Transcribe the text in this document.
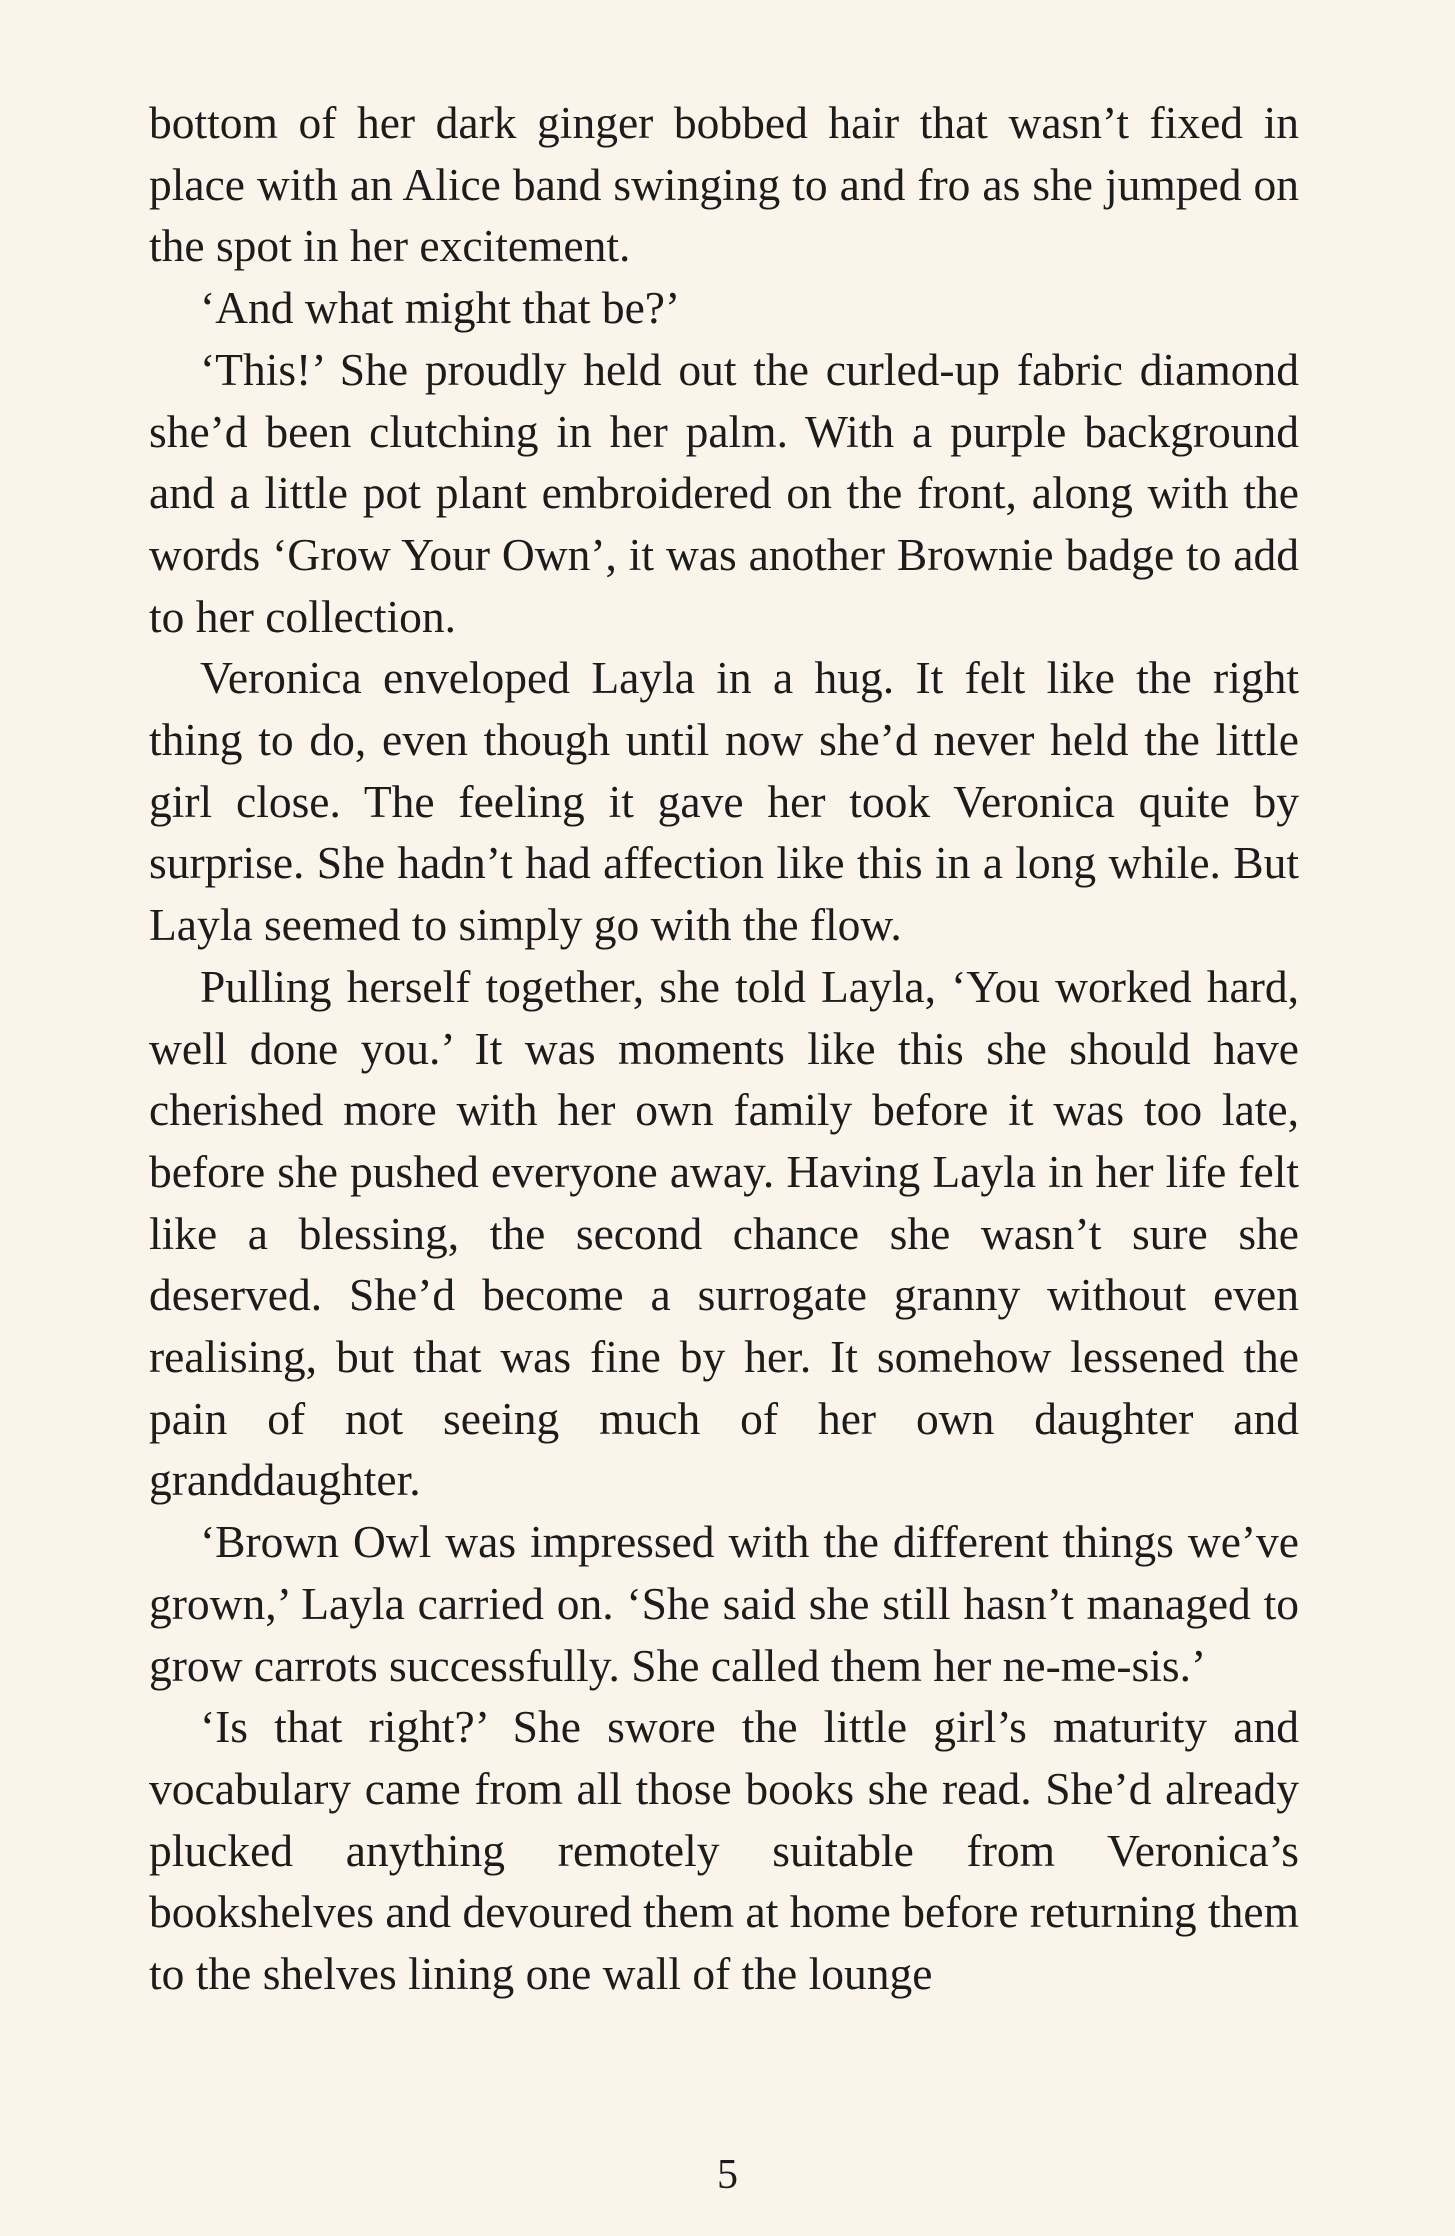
bottom of her dark ginger bobbed hair that wasn’t fixed in place with an Alice band swinging to and fro as she jumped on the spot in her excitement.

‘And what might that be?’

‘This!’ She proudly held out the curled-up fabric diamond she’d been clutching in her palm. With a purple background and a little pot plant embroidered on the front, along with the words ‘Grow Your Own’, it was another Brownie badge to add to her collection.

Veronica enveloped Layla in a hug. It felt like the right thing to do, even though until now she’d never held the little girl close. The feeling it gave her took Veronica quite by surprise. She hadn’t had affection like this in a long while. But Layla seemed to simply go with the flow.

Pulling herself together, she told Layla, ‘You worked hard, well done you.’ It was moments like this she should have cherished more with her own family before it was too late, before she pushed everyone away. Having Layla in her life felt like a blessing, the second chance she wasn’t sure she deserved. She’d become a surrogate granny without even realising, but that was fine by her. It somehow lessened the pain of not seeing much of her own daughter and granddaughter.

‘Brown Owl was impressed with the different things we’ve grown,’ Layla carried on. ‘She said she still hasn’t managed to grow carrots successfully. She called them her ne-me-sis.’

‘Is that right?’ She swore the little girl’s maturity and vocabulary came from all those books she read. She’d already plucked anything remotely suitable from Veronica’s bookshelves and devoured them at home before returning them to the shelves lining one wall of the lounge

5
